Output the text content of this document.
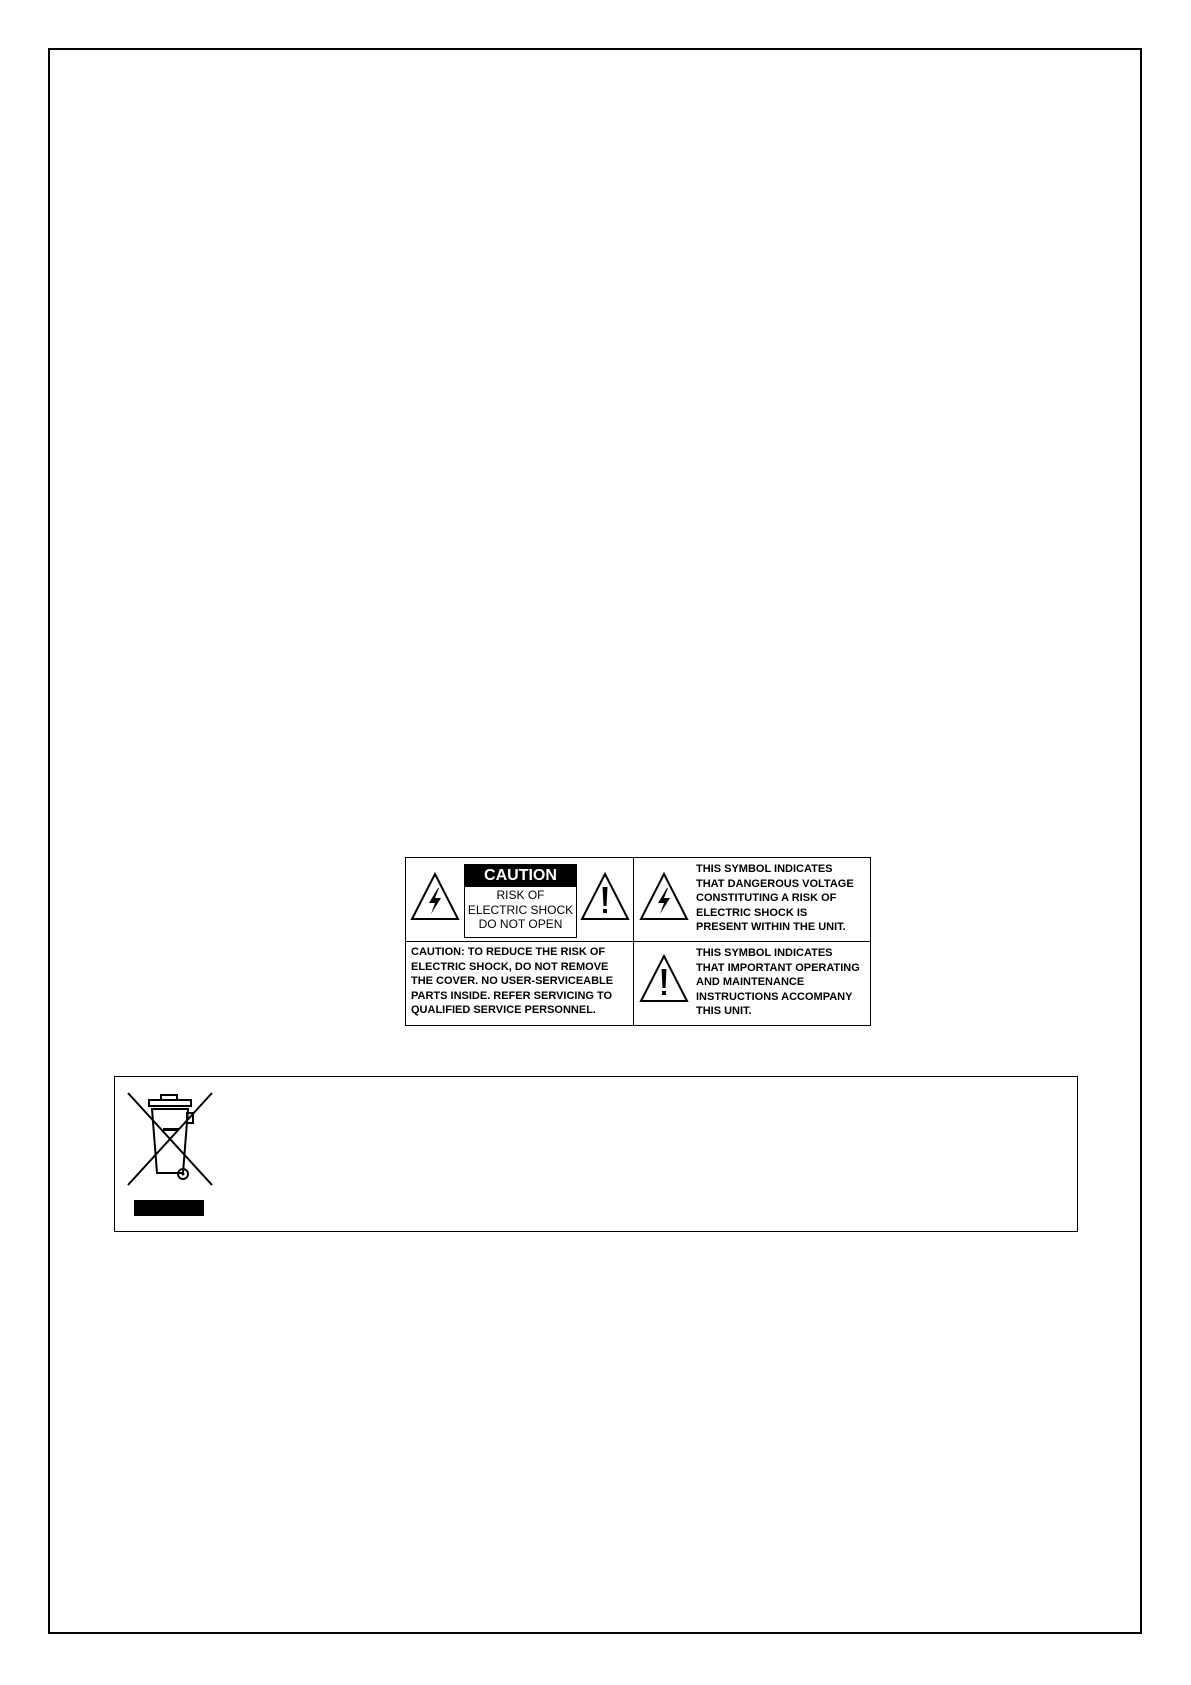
CAUTION
RISK OF
ELECTRIC SHOCK
DO NOT OPEN
THIS SYMBOL INDICATES
THAT DANGEROUS VOLTAGE
CONSTITUTING A RISK OF
ELECTRIC SHOCK IS
PRESENT WITHIN THE UNIT.
CAUTION: TO REDUCE THE RISK OF
ELECTRIC SHOCK, DO NOT REMOVE
THE COVER. NO USER-SERVICEABLE
PARTS INSIDE. REFER SERVICING TO
QUALIFIED SERVICE PERSONNEL.
THIS SYMBOL INDICATES
THAT IMPORTANT OPERATING
AND MAINTENANCE
INSTRUCTIONS ACCOMPANY
THIS UNIT.
